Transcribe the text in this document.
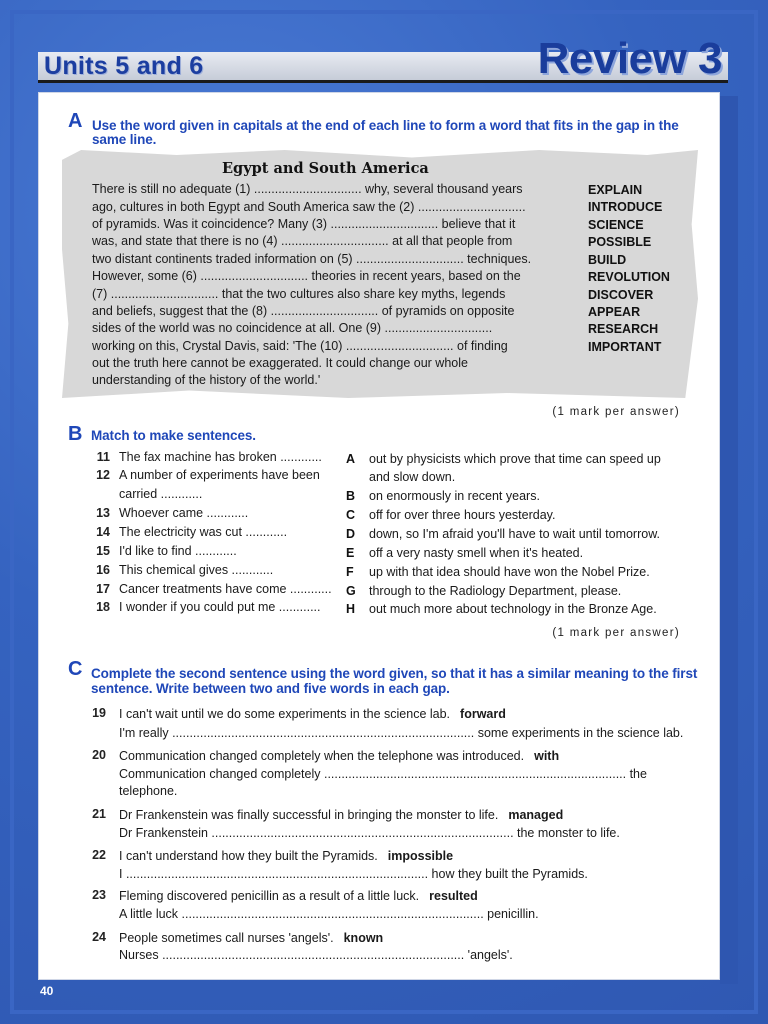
Units 5 and 6	Review 3
A Use the word given in capitals at the end of each line to form a word that fits in the gap in the
same line.
Egypt and South America
There is still no adequate (1) ............................... why, several thousand years
ago, cultures in both Egypt and South America saw the (2) ...............................
of pyramids. Was it coincidence? Many (3) ............................... believe that it
was, and state that there is no (4) ............................... at all that people from
two distant continents traded information on (5) ............................... techniques.
However, some (6) ............................... theories in recent years, based on the
(7) ............................... that the two cultures also share key myths, legends
and beliefs, suggest that the (8) ............................... of pyramids on opposite
sides of the world was no coincidence at all. One (9) ...............................
working on this, Crystal Davis, said: 'The (10) ............................... of finding
out the truth here cannot be exaggerated. It could change our whole
understanding of the history of the world.'
EXPLAIN
INTRODUCE
SCIENCE
POSSIBLE
BUILD
REVOLUTION
DISCOVER
APPEAR
RESEARCH
IMPORTANT
(1 mark per answer)
B Match to make sentences.
11 The fax machine has broken ............ A out by physicists which prove that time can speed up
12 A number of experiments have been	and slow down.
carried ............	B on enormously in recent years.
13 Whoever came ............	C off for over three hours yesterday.
14 The electricity was cut ............	D down, so I'm afraid you'll have to wait until tomorrow.
15 I'd like to find ............	E off a very nasty smell when it's heated.
16 This chemical gives ............	F	up with that idea should have won the Nobel Prize.
17 Cancer treatments have come ............ G through to the Radiology Department, please.
18 I wonder if you could put me ............ H out much more about technology in the Bronze Age.
(1 mark per answer)
C Complete the second sentence using the word given, so that it has a similar meaning to the first
sentence. Write between two and five words in each gap.
19 I can't wait until we do some experiments in the science lab. forward
I'm really ....................................................................................... some experiments in the science lab.
20 Communication changed completely when the telephone was introduced. with
Communication changed completely ....................................................................................... the
telephone.
21 Dr Frankenstein was finally successful in bringing the monster to life. managed
Dr Frankenstein ....................................................................................... the monster to life.
22 I can't understand how they built the Pyramids. impossible
I ....................................................................................... how they built the Pyramids.
23 Fleming discovered penicillin as a result of a little luck. resulted
A little luck ....................................................................................... penicillin.
24 People sometimes call nurses 'angels'. known
Nurses ....................................................................................... 'angels'.
40
